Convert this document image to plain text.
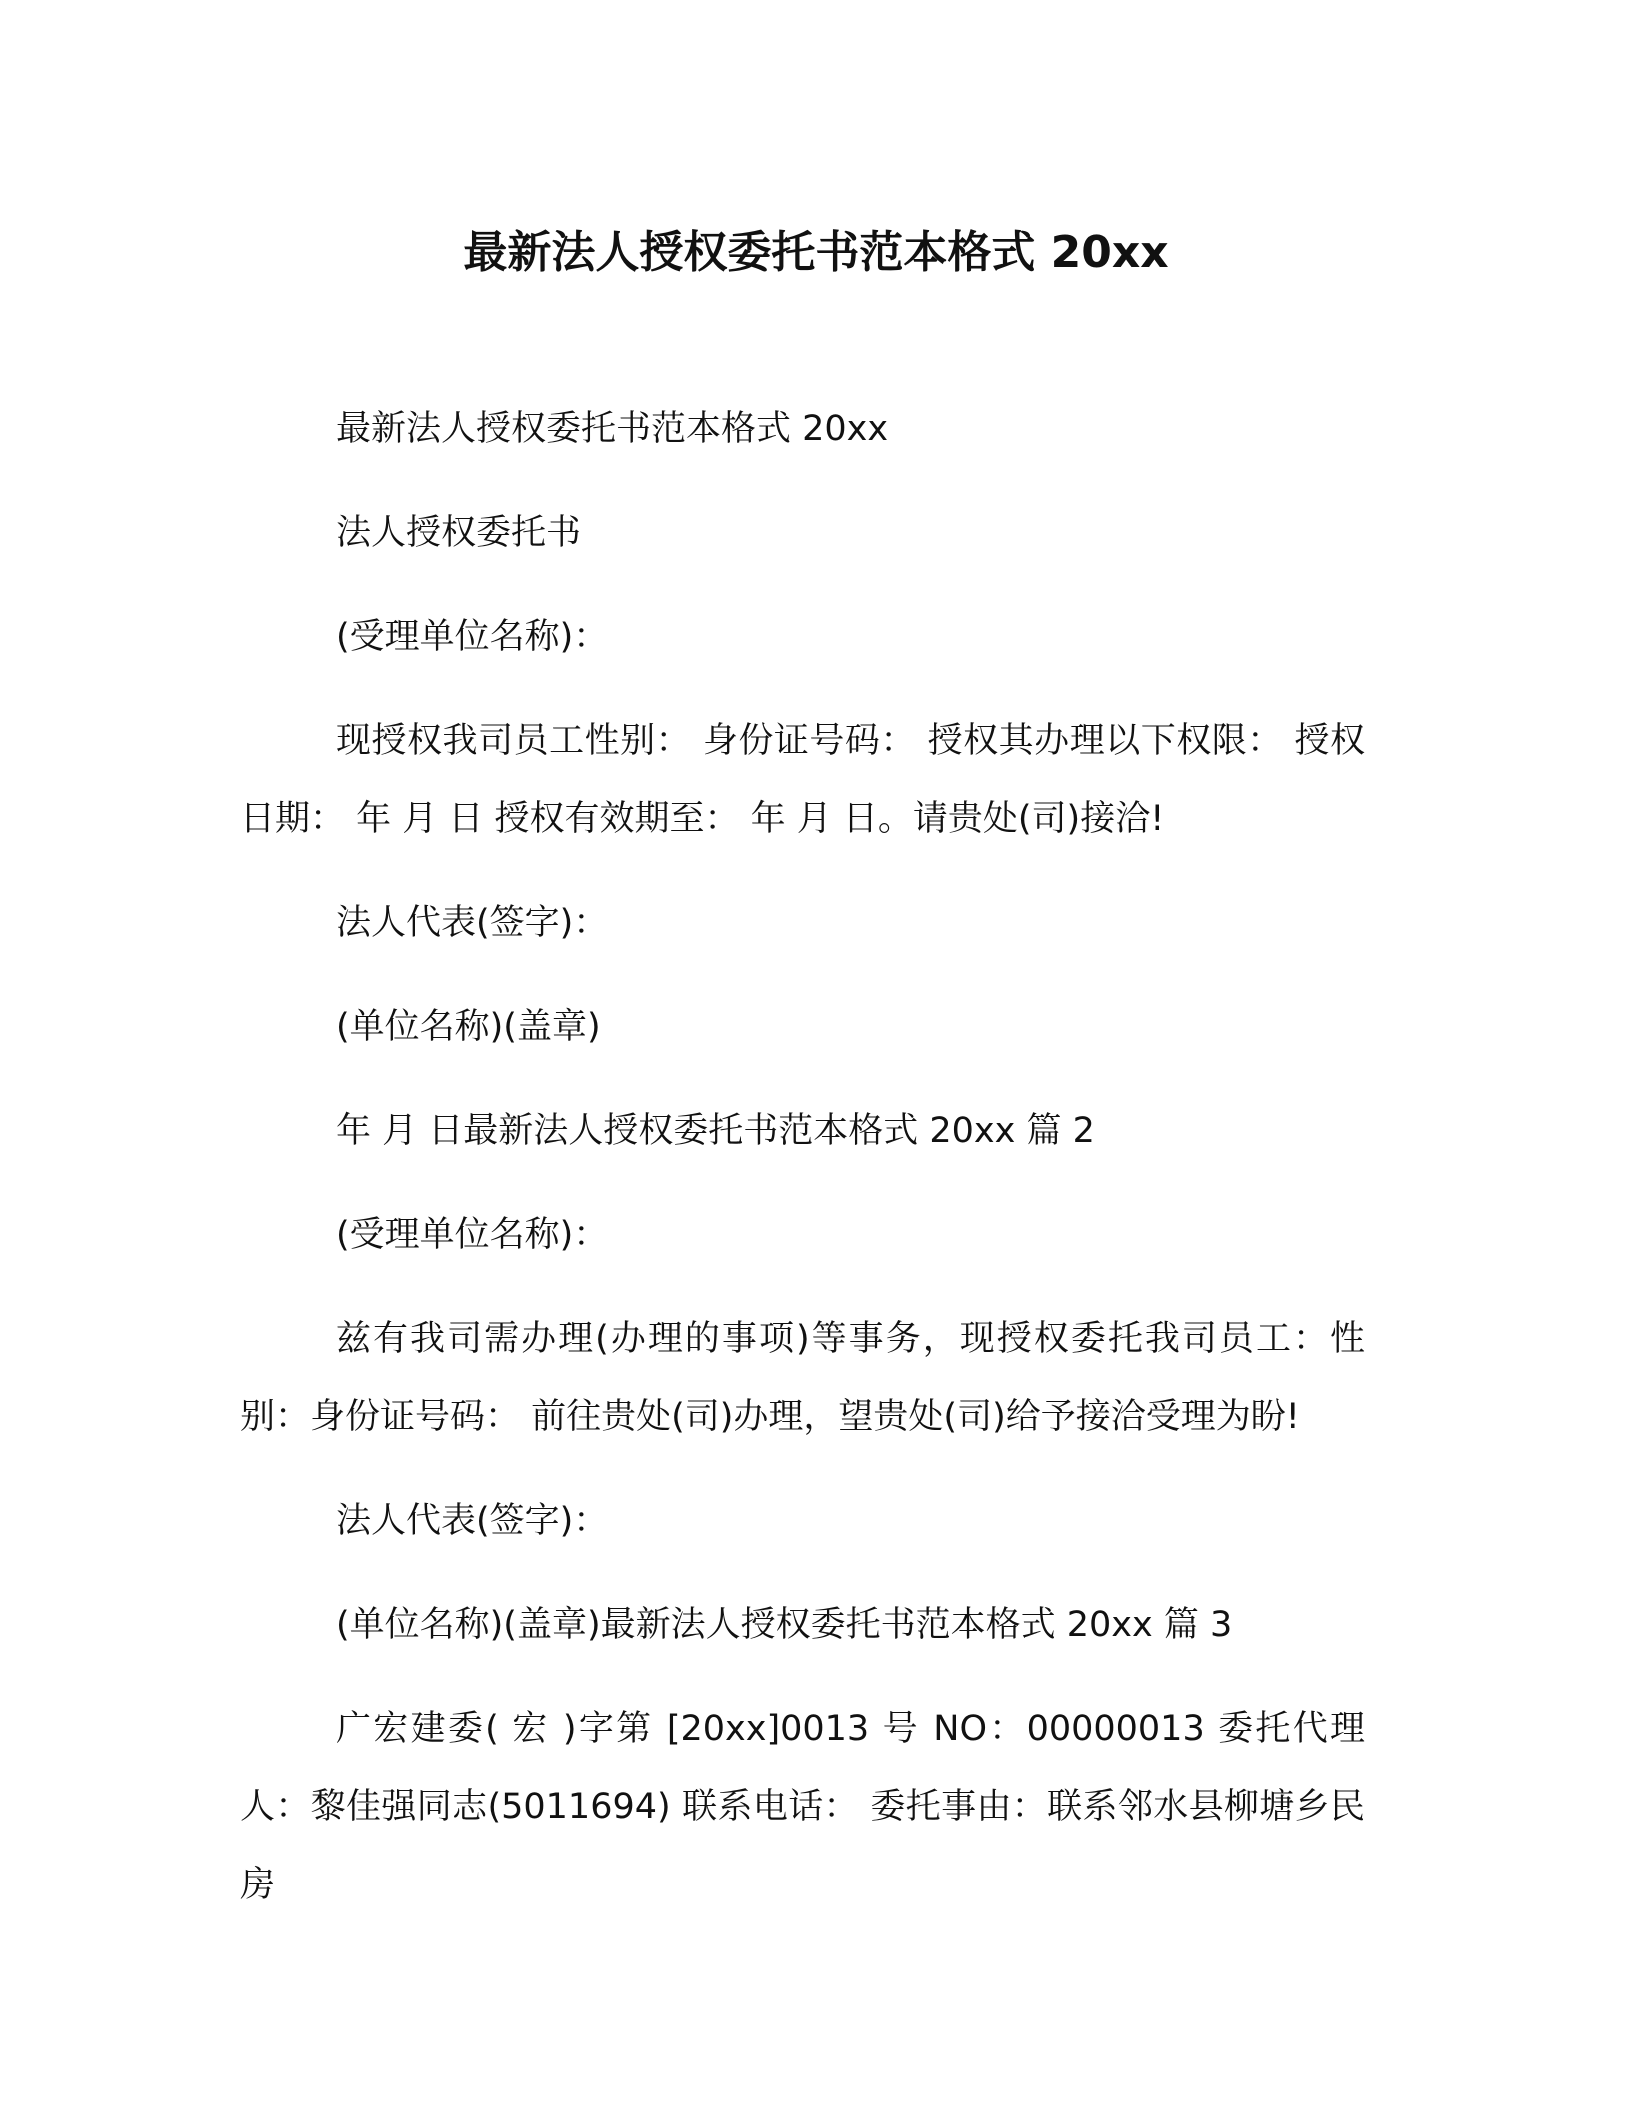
最新法人授权委托书范本格式 20xx

最新法人授权委托书范本格式 20xx

法人授权委托书

(受理单位名称)：

现授权我司员工性别： 身份证号码： 授权其办理以下权限： 授权日期： 年 月 日 授权有效期至： 年 月 日。请贵处(司)接洽!

法人代表(签字)：

(单位名称)(盖章)

年 月 日最新法人授权委托书范本格式 20xx 篇 2

(受理单位名称)：

兹有我司需办理(办理的事项)等事务，现授权委托我司员工：性别：身份证号码： 前往贵处(司)办理，望贵处(司)给予接洽受理为盼!

法人代表(签字)：

(单位名称)(盖章)最新法人授权委托书范本格式 20xx 篇 3

广宏建委( 宏 )字第 [20xx]0013 号 NO：00000013 委托代理人：黎佳强同志(5011694) 联系电话： 委托事由：联系邻水县柳塘乡民房
